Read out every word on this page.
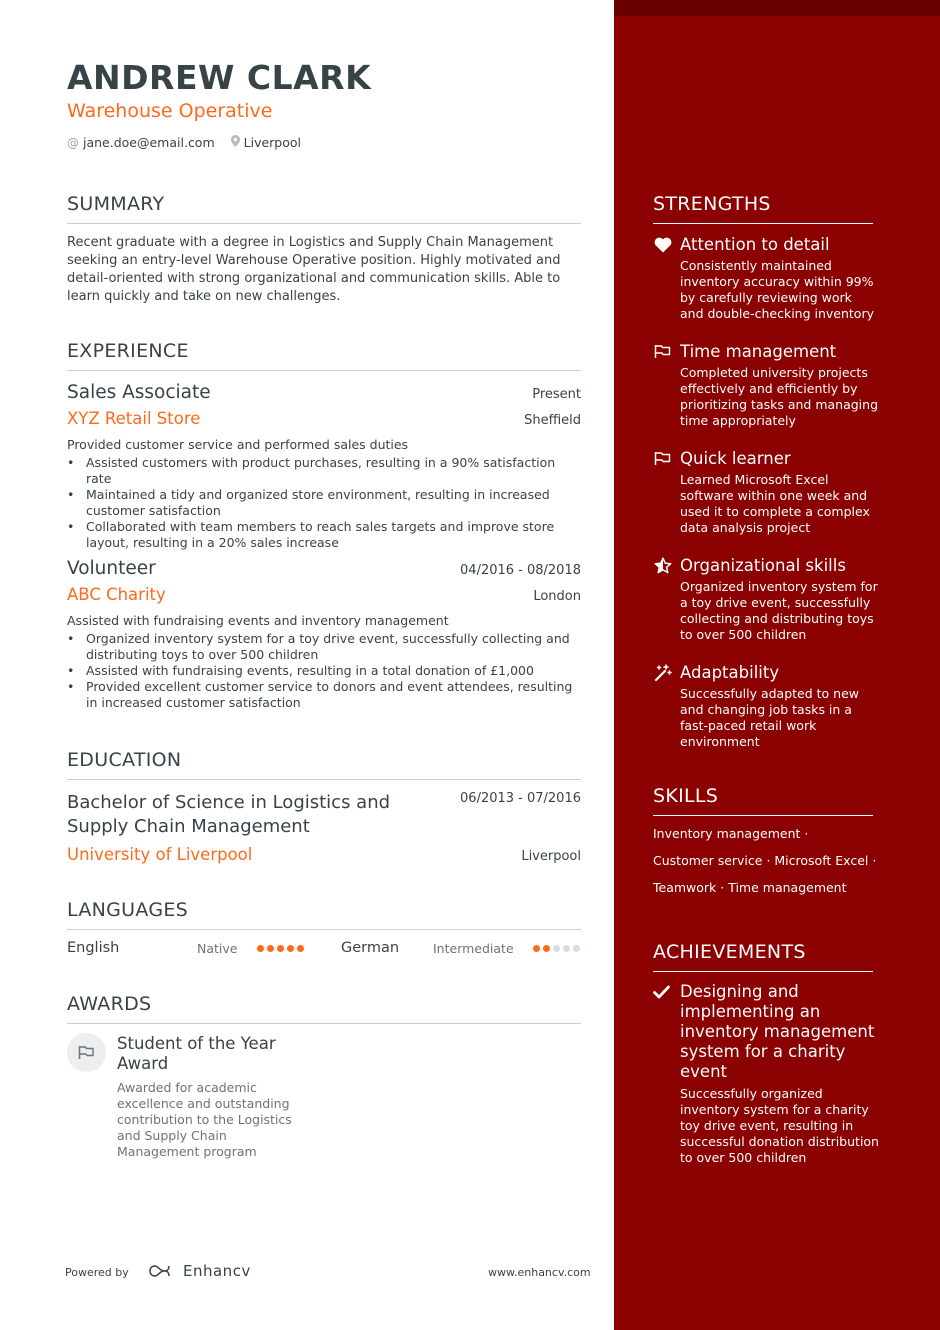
ANDREW CLARK
Warehouse Operative
@ jane.doe@email.com Liverpool
SUMMARY
Recent graduate with a degree in Logistics and Supply Chain Management seeking an entry-level Warehouse Operative position. Highly motivated and detail-oriented with strong organizational and communication skills. Able to learn quickly and take on new challenges.
EXPERIENCE
Sales Associate	Present
XYZ Retail Store	Sheffield
Provided customer service and performed sales duties
• Assisted customers with product purchases, resulting in a 90% satisfaction rate
• Maintained a tidy and organized store environment, resulting in increased customer satisfaction
• Collaborated with team members to reach sales targets and improve store layout, resulting in a 20% sales increase
Volunteer	04/2016 - 08/2018
ABC Charity	London
Assisted with fundraising events and inventory management
• Organized inventory system for a toy drive event, successfully collecting and distributing toys to over 500 children
• Assisted with fundraising events, resulting in a total donation of £1,000
• Provided excellent customer service to donors and event attendees, resulting in increased customer satisfaction
EDUCATION
Bachelor of Science in Logistics and Supply Chain Management
06/2013 - 07/2016
University of Liverpool	Liverpool
LANGUAGES
English	Native	German	Intermediate
AWARDS
Student of the Year Award
Awarded for academic excellence and outstanding contribution to the Logistics and Supply Chain Management program
Powered by	Enhancv	www.enhancv.com
STRENGTHS
Attention to detail
Consistently maintained inventory accuracy within 99% by carefully reviewing work and double-checking inventory
Time management
Completed university projects effectively and efficiently by prioritizing tasks and managing time appropriately
Quick learner
Learned Microsoft Excel software within one week and used it to complete a complex data analysis project
Organizational skills
Organized inventory system for a toy drive event, successfully collecting and distributing toys to over 500 children
Adaptability
Successfully adapted to new and changing job tasks in a fast-paced retail work environment
SKILLS
Inventory management ·
Customer service · Microsoft Excel ·
Teamwork · Time management
ACHIEVEMENTS
Designing and implementing an inventory management system for a charity event
Successfully organized inventory system for a charity toy drive event, resulting in successful donation distribution to over 500 children
